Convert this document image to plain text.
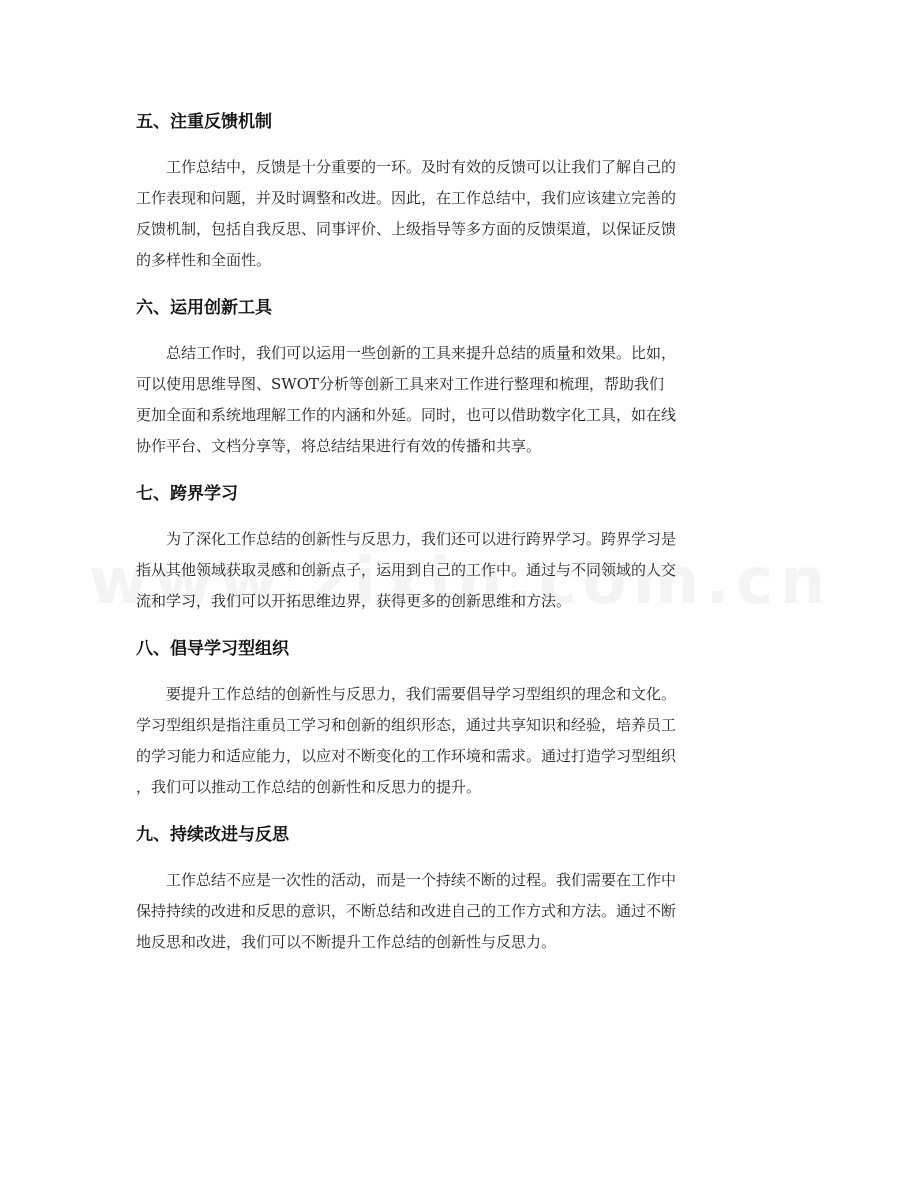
五、注重反馈机制
工作总结中，反馈是十分重要的一环。及时有效的反馈可以让我们了解自己的
工作表现和问题，并及时调整和改进。因此，在工作总结中，我们应该建立完善的
反馈机制，包括自我反思、同事评价、上级指导等多方面的反馈渠道，以保证反馈
的多样性和全面性。
六、运用创新工具
总结工作时，我们可以运用一些创新的工具来提升总结的质量和效果。比如，
可以使用思维导图、SWOT分析等创新工具来对工作进行整理和梳理，帮助我们
更加全面和系统地理解工作的内涵和外延。同时，也可以借助数字化工具，如在线
协作平台、文档分享等，将总结结果进行有效的传播和共享。
七、跨界学习
为了深化工作总结的创新性与反思力，我们还可以进行跨界学习。跨界学习是
指从其他领域获取灵感和创新点子，运用到自己的工作中。通过与不同领域的人交
流和学习，我们可以开拓思维边界，获得更多的创新思维和方法。
八、倡导学习型组织
要提升工作总结的创新性与反思力，我们需要倡导学习型组织的理念和文化。
学习型组织是指注重员工学习和创新的组织形态，通过共享知识和经验，培养员工
的学习能力和适应能力，以应对不断变化的工作环境和需求。通过打造学习型组织
，我们可以推动工作总结的创新性和反思力的提升。
九、持续改进与反思
工作总结不应是一次性的活动，而是一个持续不断的过程。我们需要在工作中
保持持续的改进和反思的意识，不断总结和改进自己的工作方式和方法。通过不断
地反思和改进，我们可以不断提升工作总结的创新性与反思力。
